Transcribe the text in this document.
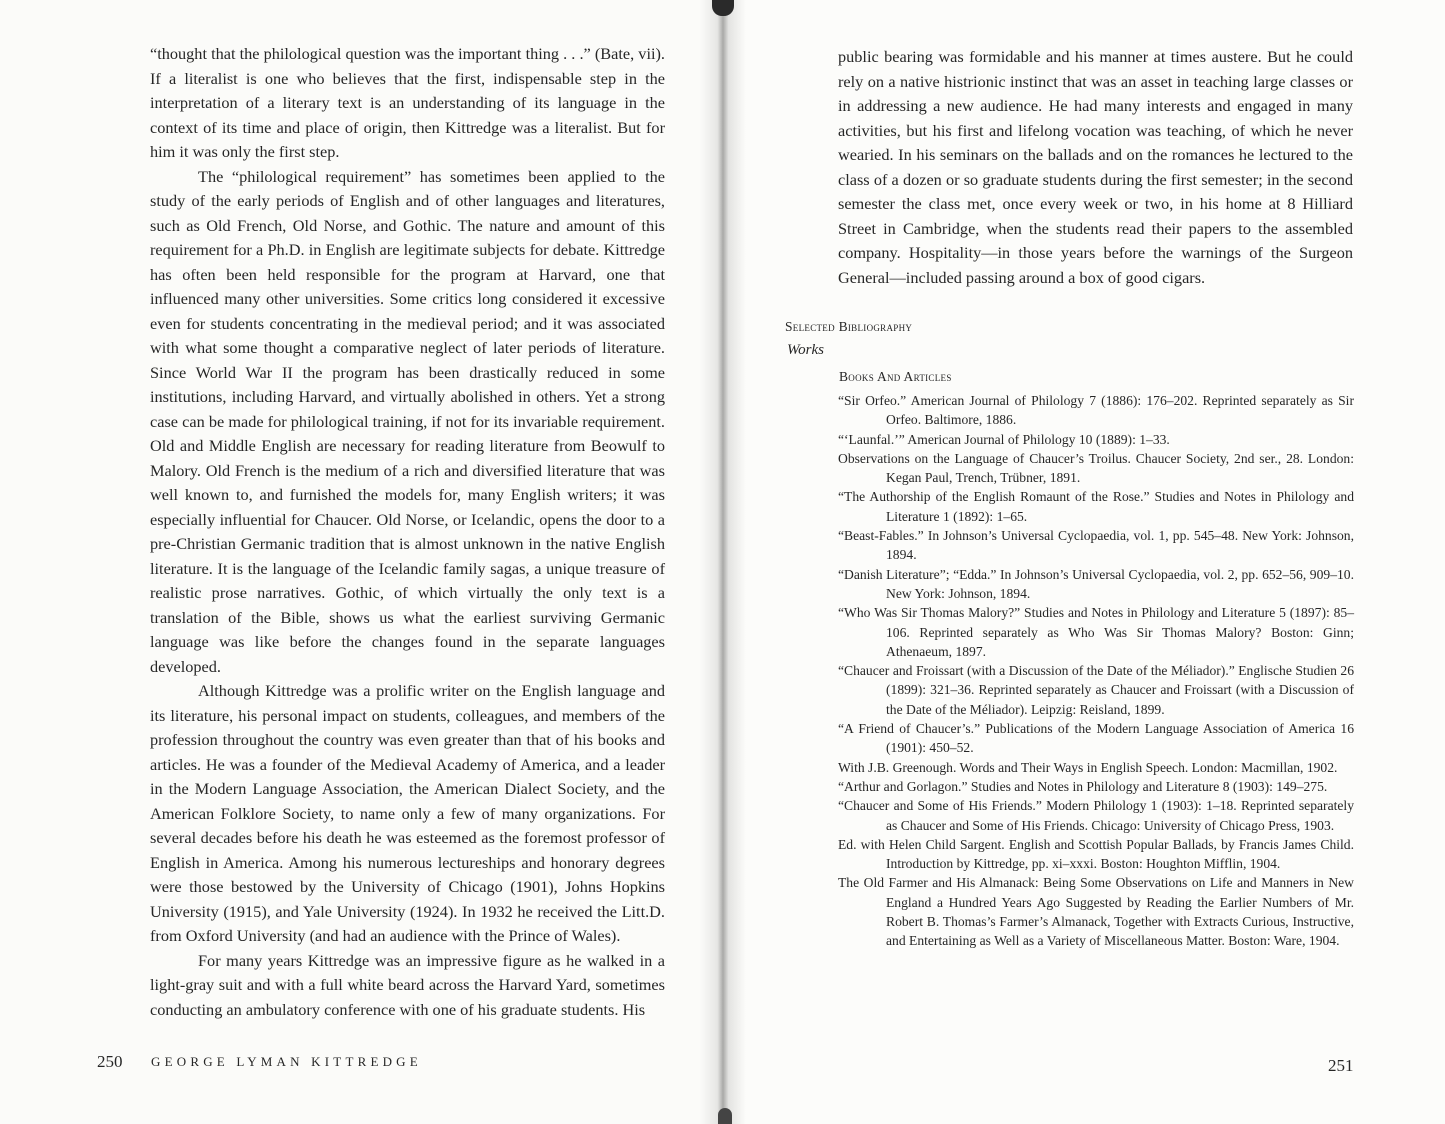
“thought that the philological question was the important thing . . .” (Bate, vii). If a literalist is one who believes that the first, indispensable step in the interpretation of a literary text is an understanding of its language in the context of its time and place of origin, then Kittredge was a literalist. But for him it was only the first step.

The “philological requirement” has sometimes been applied to the study of the early periods of English and of other languages and literatures, such as Old French, Old Norse, and Gothic. The nature and amount of this requirement for a Ph.D. in English are legitimate subjects for debate. Kittredge has often been held responsible for the program at Harvard, one that influenced many other universities. Some critics long considered it excessive even for students concentrating in the medieval period; and it was associated with what some thought a comparative neglect of later periods of literature. Since World War II the program has been drastically reduced in some institutions, including Harvard, and virtually abolished in others. Yet a strong case can be made for philological training, if not for its invariable requirement. Old and Middle English are necessary for reading literature from Beowulf to Malory. Old French is the medium of a rich and diversified literature that was well known to, and furnished the models for, many English writers; it was especially influential for Chaucer. Old Norse, or Icelandic, opens the door to a pre-Christian Germanic tradition that is almost unknown in the native English literature. It is the language of the Icelandic family sagas, a unique treasure of realistic prose narratives. Gothic, of which virtually the only text is a translation of the Bible, shows us what the earliest surviving Germanic language was like before the changes found in the separate languages developed.

Although Kittredge was a prolific writer on the English language and its literature, his personal impact on students, colleagues, and members of the profession throughout the country was even greater than that of his books and articles. He was a founder of the Medieval Academy of America, and a leader in the Modern Language Association, the American Dialect Society, and the American Folklore Society, to name only a few of many organizations. For several decades before his death he was esteemed as the foremost professor of English in America. Among his numerous lectureships and honorary degrees were those bestowed by the University of Chicago (1901), Johns Hopkins University (1915), and Yale University (1924). In 1932 he received the Litt.D. from Oxford University (and had an audience with the Prince of Wales).

For many years Kittredge was an impressive figure as he walked in a light-gray suit and with a full white beard across the Harvard Yard, sometimes conducting an ambulatory conference with one of his graduate students. His

250 GEORGE LYMAN KITTREDGE

public bearing was formidable and his manner at times austere. But he could rely on a native histrionic instinct that was an asset in teaching large classes or in addressing a new audience. He had many interests and engaged in many activities, but his first and lifelong vocation was teaching, of which he never wearied. In his seminars on the ballads and on the romances he lectured to the class of a dozen or so graduate students during the first semester; in the second semester the class met, once every week or two, in his home at 8 Hilliard Street in Cambridge, when the students read their papers to the assembled company. Hospitality—in those years before the warnings of the Surgeon General—included passing around a box of good cigars.

Selected Bibliography
Works
Books And Articles
“Sir Orfeo.” American Journal of Philology 7 (1886): 176–202. Reprinted separately as Sir Orfeo. Baltimore, 1886.
“‘Launfal.’” American Journal of Philology 10 (1889): 1–33.
Observations on the Language of Chaucer’s Troilus. Chaucer Society, 2nd ser., 28. London: Kegan Paul, Trench, Trübner, 1891.
“The Authorship of the English Romaunt of the Rose.” Studies and Notes in Philology and Literature 1 (1892): 1–65.
“Beast-Fables.” In Johnson’s Universal Cyclopaedia, vol. 1, pp. 545–48. New York: Johnson, 1894.
“Danish Literature”; “Edda.” In Johnson’s Universal Cyclopaedia, vol. 2, pp. 652–56, 909–10. New York: Johnson, 1894.
“Who Was Sir Thomas Malory?” Studies and Notes in Philology and Literature 5 (1897): 85–106. Reprinted separately as Who Was Sir Thomas Malory? Boston: Ginn; Athenaeum, 1897.
“Chaucer and Froissart (with a Discussion of the Date of the Méliador).” Englische Studien 26 (1899): 321–36. Reprinted separately as Chaucer and Froissart (with a Discussion of the Date of the Méliador). Leipzig: Reisland, 1899.
“A Friend of Chaucer’s.” Publications of the Modern Language Association of America 16 (1901): 450–52.
With J.B. Greenough. Words and Their Ways in English Speech. London: Macmillan, 1902.
“Arthur and Gorlagon.” Studies and Notes in Philology and Literature 8 (1903): 149–275.
“Chaucer and Some of His Friends.” Modern Philology 1 (1903): 1–18. Reprinted separately as Chaucer and Some of His Friends. Chicago: University of Chicago Press, 1903.
Ed. with Helen Child Sargent. English and Scottish Popular Ballads, by Francis James Child. Introduction by Kittredge, pp. xi–xxxi. Boston: Houghton Mifflin, 1904.
The Old Farmer and His Almanack: Being Some Observations on Life and Manners in New England a Hundred Years Ago Suggested by Reading the Earlier Numbers of Mr. Robert B. Thomas’s Farmer’s Almanack, Together with Extracts Curious, Instructive, and Entertaining as Well as a Variety of Miscellaneous Matter. Boston: Ware, 1904.
251
